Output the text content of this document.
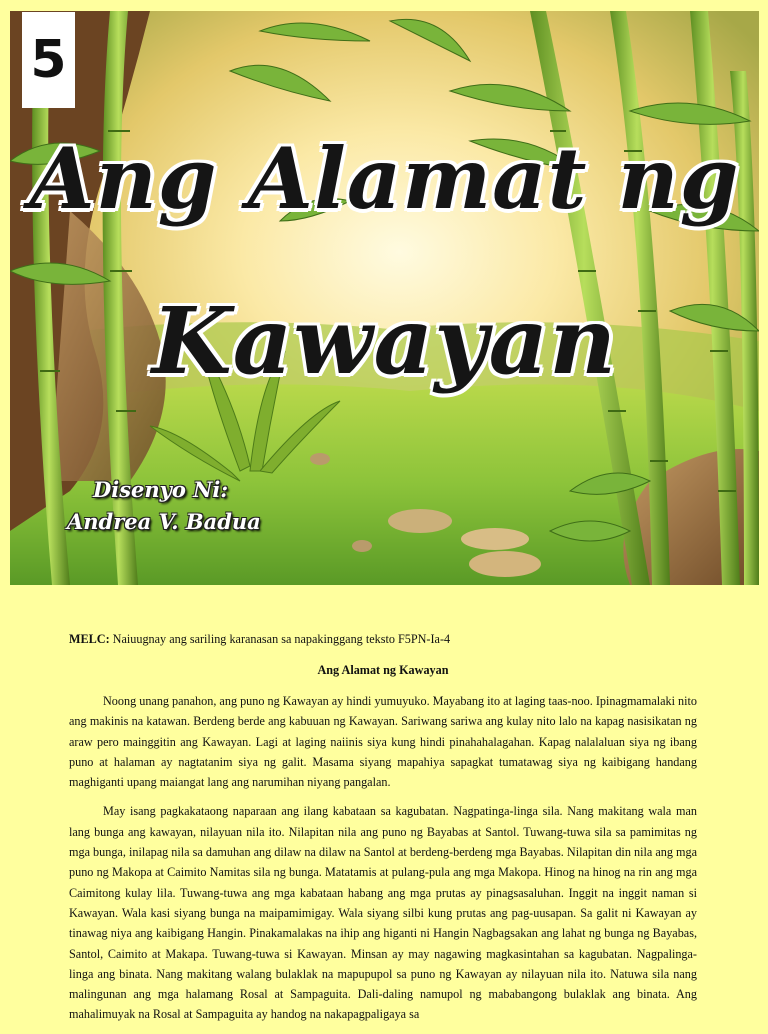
5
Ang Alamat ng
Kawayan
Disenyo Ni:
Andrea V. Badua

MELC: Naiuugnay ang sariling karanasan sa napakinggang teksto F5PN-Ia-4

Ang Alamat ng Kawayan

Noong unang panahon, ang puno ng Kawayan ay hindi yumuyuko. Mayabang ito at laging taas-noo. Ipinagmamalaki nito ang makinis na katawan. Berdeng berde ang kabuuan ng Kawayan. Sariwang sariwa ang kulay nito lalo na kapag nasisikatan ng araw pero mainggitin ang Kawayan. Lagi at laging naiinis siya kung hindi pinahahalagahan. Kapag nalalaluan siya ng ibang puno at halaman ay nagtatanim siya ng galit. Masama siyang mapahiya sapagkat tumatawag siya ng kaibigang handang maghiganti upang maiangat lang ang narumihan niyang pangalan.

May isang pagkakataong naparaan ang ilang kabataan sa kagubatan. Nagpatinga-linga sila. Nang makitang wala man lang bunga ang kawayan, nilayuan nila ito. Nilapitan nila ang puno ng Bayabas at Santol. Tuwang-tuwa sila sa pamimitas ng mga bunga, inilapag nila sa damuhan ang dilaw na dilaw na Santol at berdeng-berdeng mga Bayabas. Nilapitan din nila ang mga puno ng Makopa at Caimito Namitas sila ng bunga. Matatamis at pulang-pula ang mga Makopa. Hinog na hinog na rin ang mga Caimitong kulay lila. Tuwang-tuwa ang mga kabataan habang ang mga prutas ay pinagsasaluhan. Inggit na inggit naman si Kawayan. Wala kasi siyang bunga na maipamimigay. Wala siyang silbi kung prutas ang pag-uusapan. Sa galit ni Kawayan ay tinawag niya ang kaibigang Hangin. Pinakamalakas na ihip ang higanti ni Hangin Nagbagsakan ang lahat ng bunga ng Bayabas, Santol, Caimito at Makapa. Tuwang-tuwa si Kawayan. Minsan ay may nagawing magkasintahan sa kagubatan. Nagpalinga-linga ang binata. Nang makitang walang bulaklak na mapupupol sa puno ng Kawayan ay nilayuan nila ito. Natuwa sila nang malingunan ang mga halamang Rosal at Sampaguita. Dali-daling namupol ng mababangong bulaklak ang binata. Ang mahalimuyak na Rosal at Sampaguita ay handog na nakapagpaligaya sa
